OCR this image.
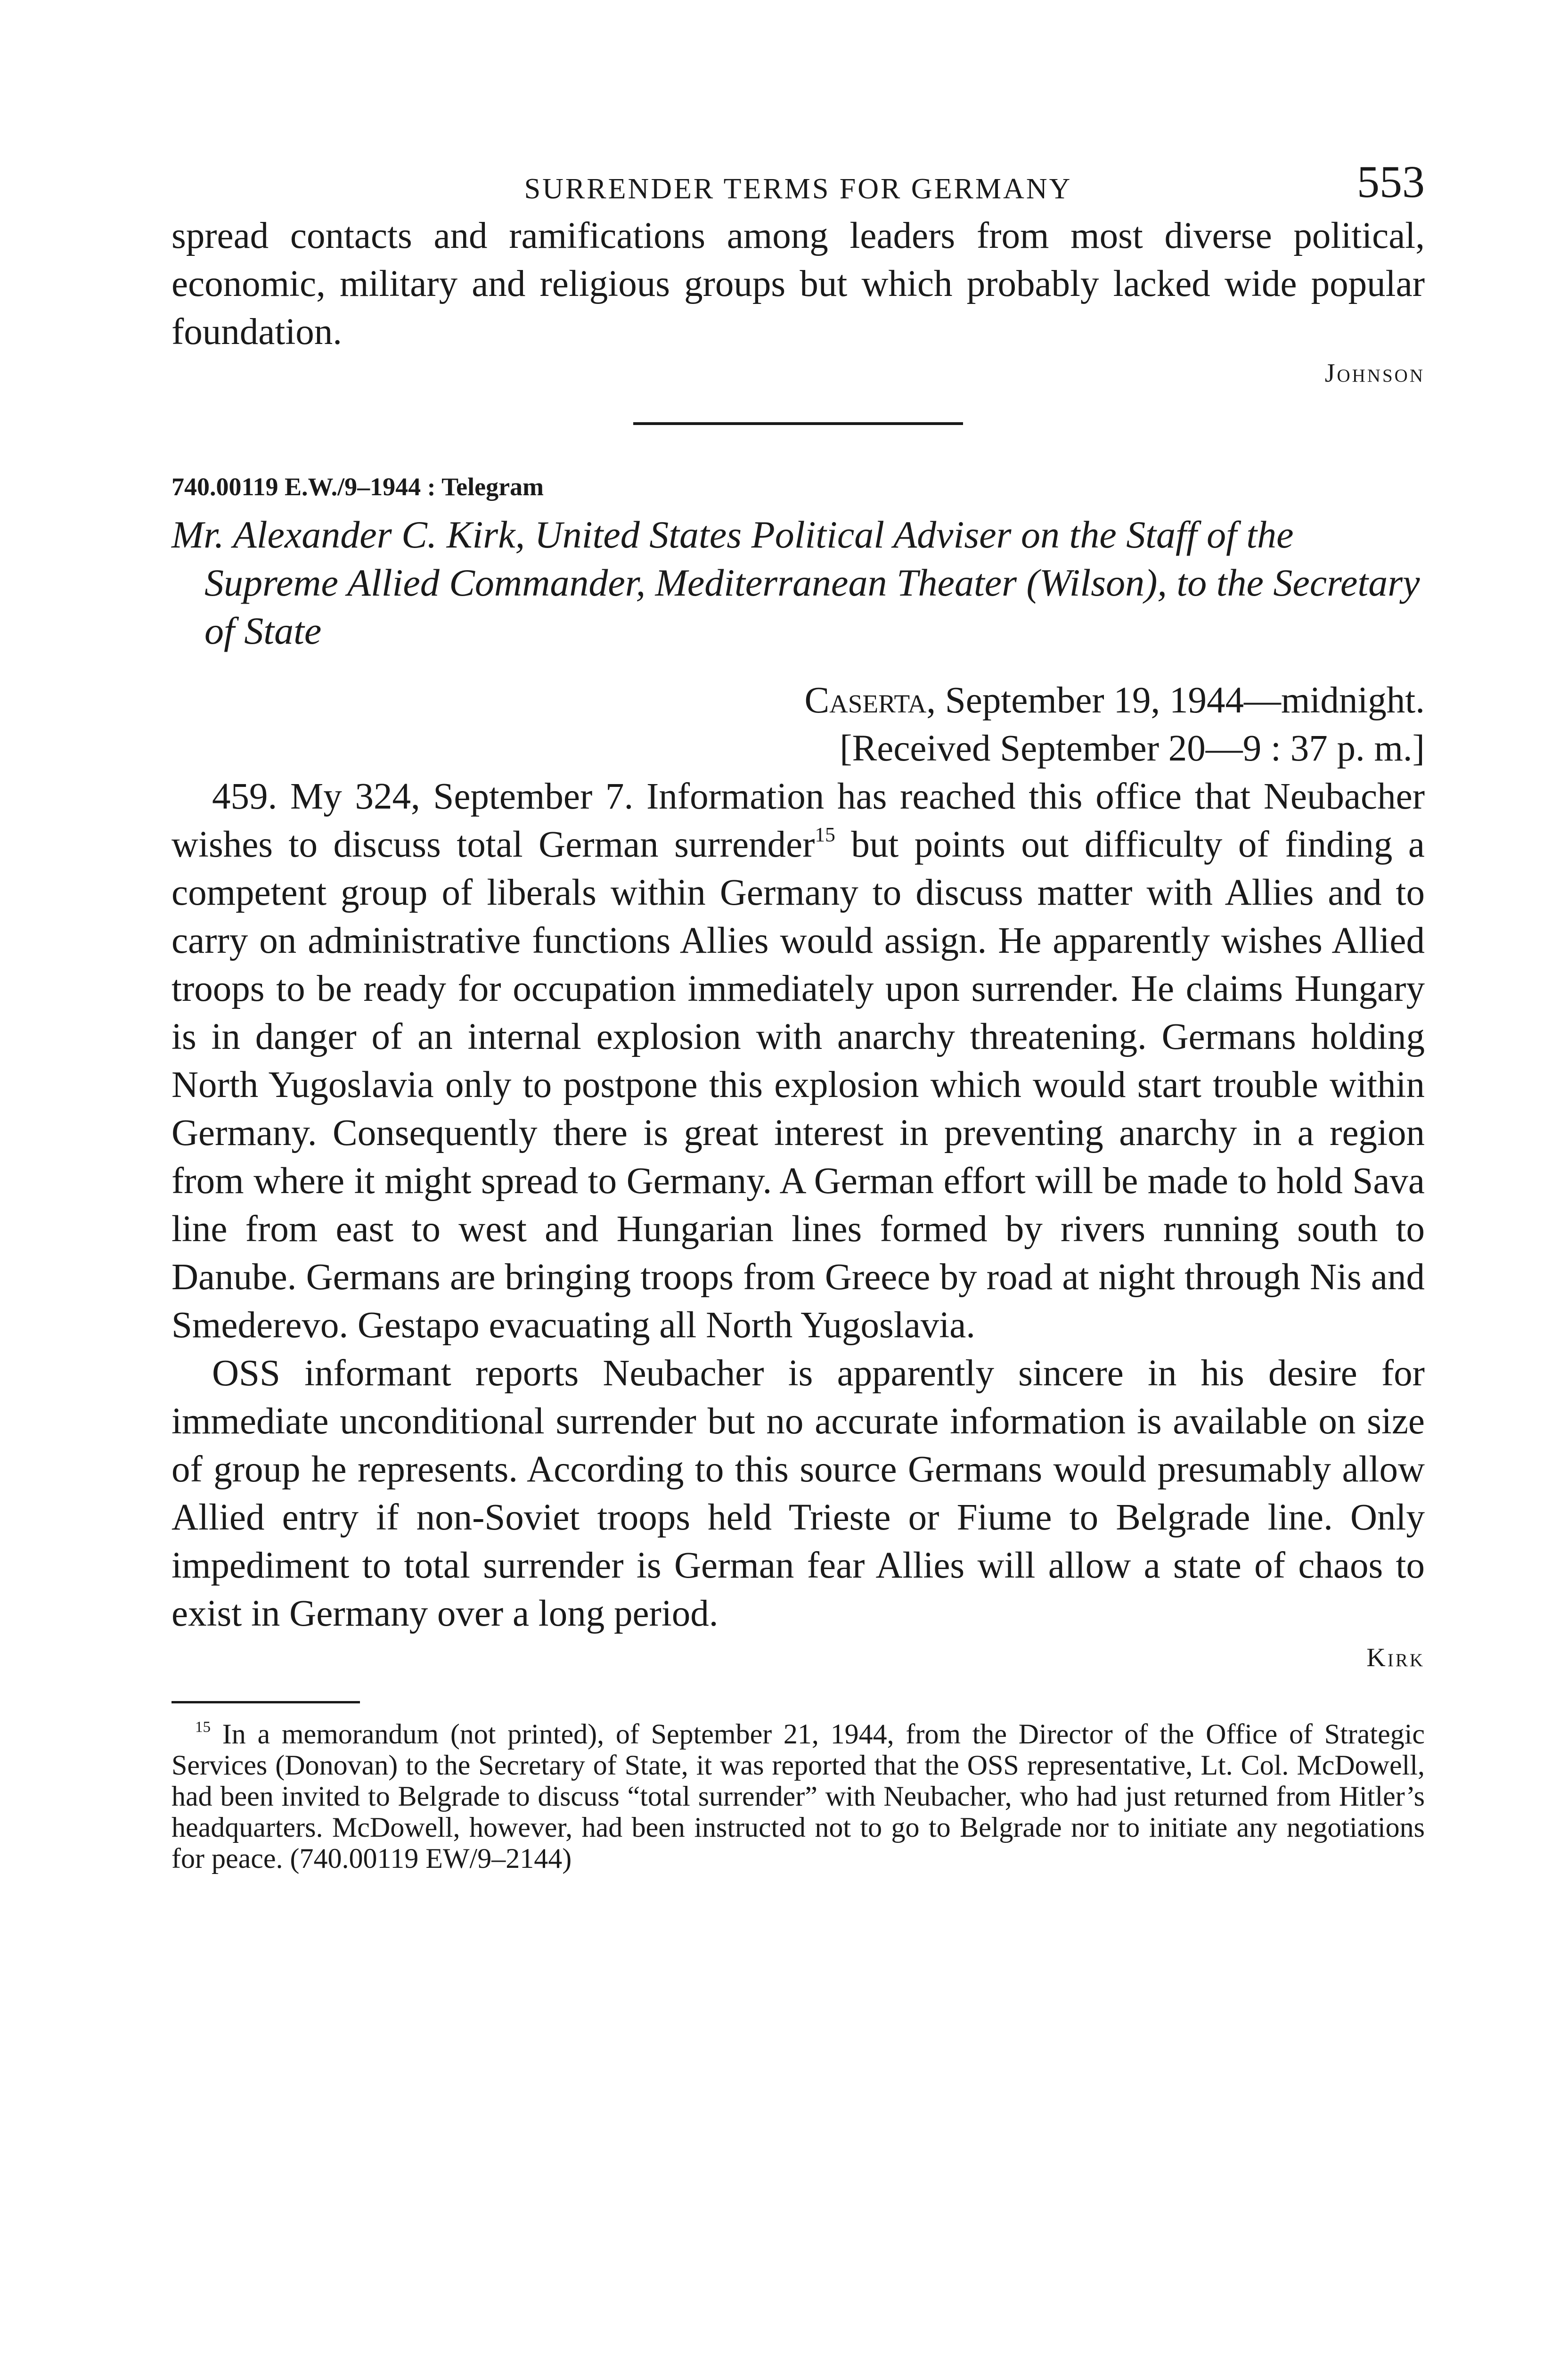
SURRENDER TERMS FOR GERMANY	553

spread contacts and ramifications among leaders from most diverse political, economic, military and religious groups but which probably lacked wide popular foundation.

Johnson

740.00119 E.W./9–1944 : Telegram

Mr. Alexander C. Kirk, United States Political Adviser on the Staff of the Supreme Allied Commander, Mediterranean Theater (Wilson), to the Secretary of State

Caserta, September 19, 1944—midnight.

[Received September 20—9 : 37 p. m.]

459. My 324, September 7. Information has reached this office that Neubacher wishes to discuss total German surrender$^{15}$ but points out difficulty of finding a competent group of liberals within Germany to discuss matter with Allies and to carry on administrative functions Allies would assign. He apparently wishes Allied troops to be ready for occupation immediately upon surrender. He claims Hungary is in danger of an internal explosion with anarchy threatening. Germans holding North Yugoslavia only to postpone this explosion which would start trouble within Germany. Consequently there is great interest in preventing anarchy in a region from where it might spread to Germany. A German effort will be made to hold Sava line from east to west and Hungarian lines formed by rivers running south to Danube. Germans are bringing troops from Greece by road at night through Nis and Smederevo. Gestapo evacuating all North Yugoslavia.

OSS informant reports Neubacher is apparently sincere in his desire for immediate unconditional surrender but no accurate information is available on size of group he represents. According to this source Germans would presumably allow Allied entry if non-Soviet troops held Trieste or Fiume to Belgrade line. Only impediment to total surrender is German fear Allies will allow a state of chaos to exist in Germany over a long period.

Kirk

$^{15}$ In a memorandum (not printed), of September 21, 1944, from the Director of the Office of Strategic Services (Donovan) to the Secretary of State, it was reported that the OSS representative, Lt. Col. McDowell, had been invited to Belgrade to discuss “total surrender” with Neubacher, who had just returned from Hitler’s headquarters. McDowell, however, had been instructed not to go to Belgrade nor to initiate any negotiations for peace. (740.00119 EW/9–2144)
